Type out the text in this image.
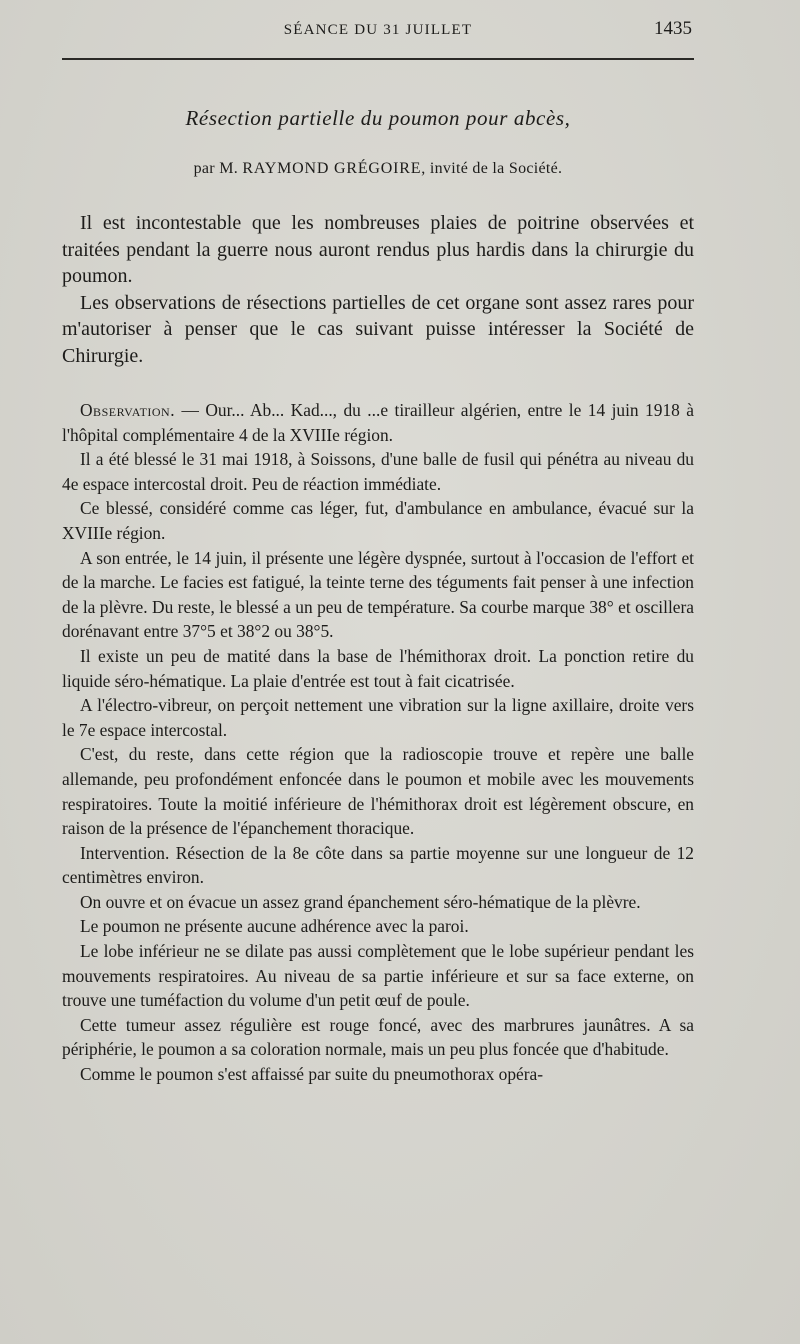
SÉANCE DU 31 JUILLET	1435
Résection partielle du poumon pour abcès,
par M. RAYMOND GRÉGOIRE, invité de la Société.

Il est incontestable que les nombreuses plaies de poitrine observées et traitées pendant la guerre nous auront rendus plus hardis dans la chirurgie du poumon.

Les observations de résections partielles de cet organe sont assez rares pour m'autoriser à penser que le cas suivant puisse intéresser la Société de Chirurgie.

Observation. — Our... Ab... Kad..., du ...e tirailleur algérien, entre le 14 juin 1918 à l'hôpital complémentaire 4 de la XVIIIe région.

Il a été blessé le 31 mai 1918, à Soissons, d'une balle de fusil qui pénétra au niveau du 4e espace intercostal droit. Peu de réaction immédiate.

Ce blessé, considéré comme cas léger, fut, d'ambulance en ambulance, évacué sur la XVIIIe région.

A son entrée, le 14 juin, il présente une légère dyspnée, surtout à l'occasion de l'effort et de la marche. Le facies est fatigué, la teinte terne des téguments fait penser à une infection de la plèvre. Du reste, le blessé a un peu de température. Sa courbe marque 38° et oscillera dorénavant entre 37°5 et 38°2 ou 38°5.

Il existe un peu de matité dans la base de l'hémithorax droit. La ponction retire du liquide séro-hématique. La plaie d'entrée est tout à fait cicatrisée.

A l'électro-vibreur, on perçoit nettement une vibration sur la ligne axillaire, droite vers le 7e espace intercostal.

C'est, du reste, dans cette région que la radioscopie trouve et repère une balle allemande, peu profondément enfoncée dans le poumon et mobile avec les mouvements respiratoires. Toute la moitié inférieure de l'hémithorax droit est légèrement obscure, en raison de la présence de l'épanchement thoracique.

Intervention. Résection de la 8e côte dans sa partie moyenne sur une longueur de 12 centimètres environ.

On ouvre et on évacue un assez grand épanchement séro-hématique de la plèvre.

Le poumon ne présente aucune adhérence avec la paroi.

Le lobe inférieur ne se dilate pas aussi complètement que le lobe supérieur pendant les mouvements respiratoires. Au niveau de sa partie inférieure et sur sa face externe, on trouve une tuméfaction du volume d'un petit œuf de poule.

Cette tumeur assez régulière est rouge foncé, avec des marbrures jaunâtres. A sa périphérie, le poumon a sa coloration normale, mais un peu plus foncée que d'habitude.

Comme le poumon s'est affaissé par suite du pneumothorax opéra-
